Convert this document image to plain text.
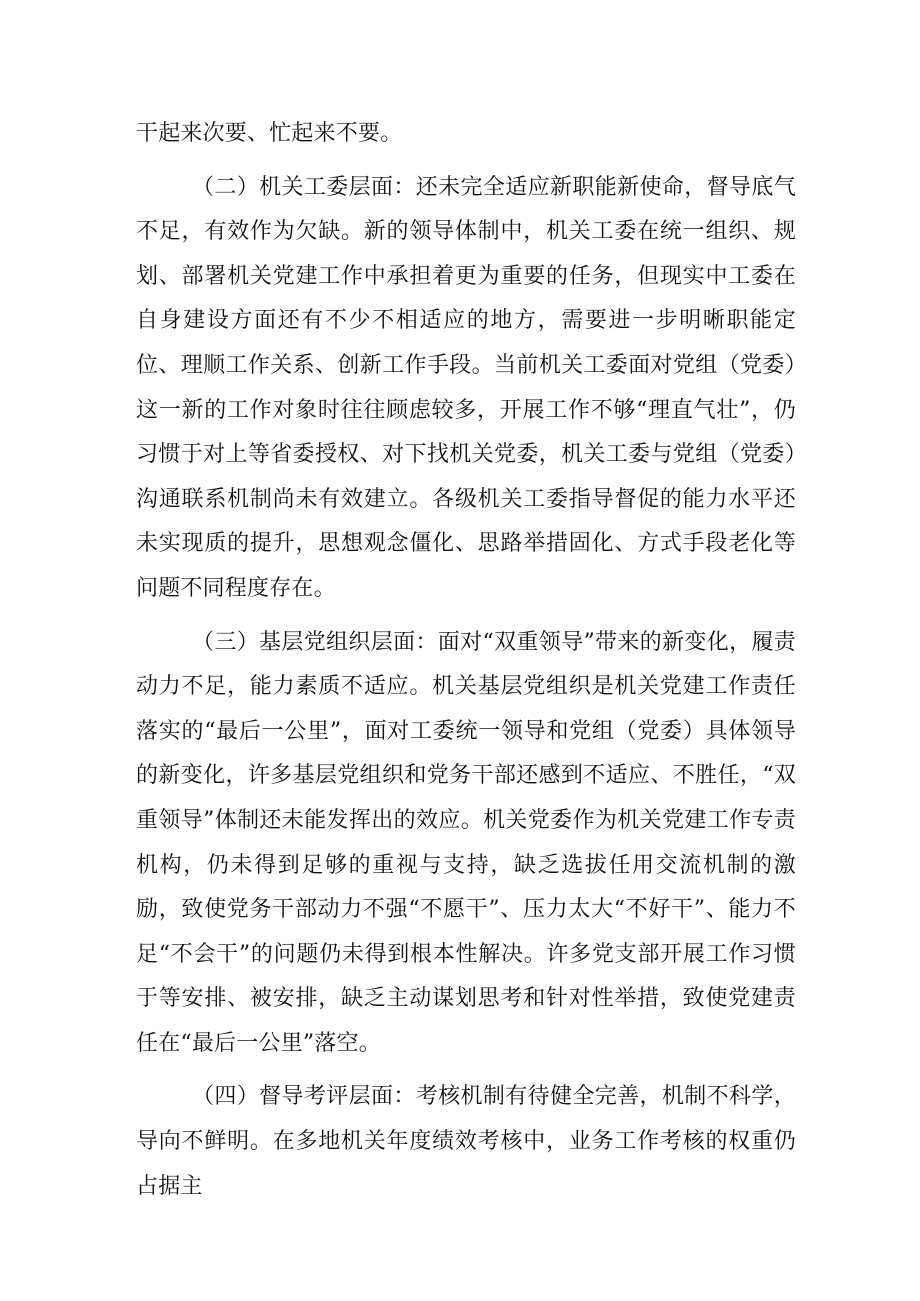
干起来次要、忙起来不要。

（二）机关工委层面：还未完全适应新职能新使命，督导底气不足，有效作为欠缺。新的领导体制中，机关工委在统一组织、规划、部署机关党建工作中承担着更为重要的任务，但现实中工委在自身建设方面还有不少不相适应的地方，需要进一步明晰职能定位、理顺工作关系、创新工作手段。当前机关工委面对党组（党委）这一新的工作对象时往往顾虑较多，开展工作不够“理直气壮”，仍习惯于对上等省委授权、对下找机关党委，机关工委与党组（党委）沟通联系机制尚未有效建立。各级机关工委指导督促的能力水平还未实现质的提升，思想观念僵化、思路举措固化、方式手段老化等问题不同程度存在。

（三）基层党组织层面：面对“双重领导”带来的新变化，履责动力不足，能力素质不适应。机关基层党组织是机关党建工作责任落实的“最后一公里”，面对工委统一领导和党组（党委）具体领导的新变化，许多基层党组织和党务干部还感到不适应、不胜任，“双重领导”体制还未能发挥出的效应。机关党委作为机关党建工作专责机构，仍未得到足够的重视与支持，缺乏选拔任用交流机制的激励，致使党务干部动力不强“不愿干”、压力太大“不好干”、能力不足“不会干”的问题仍未得到根本性解决。许多党支部开展工作习惯于等安排、被安排，缺乏主动谋划思考和针对性举措，致使党建责任在“最后一公里”落空。

（四）督导考评层面：考核机制有待健全完善，机制不科学，导向不鲜明。在多地机关年度绩效考核中，业务工作考核的权重仍占据主
